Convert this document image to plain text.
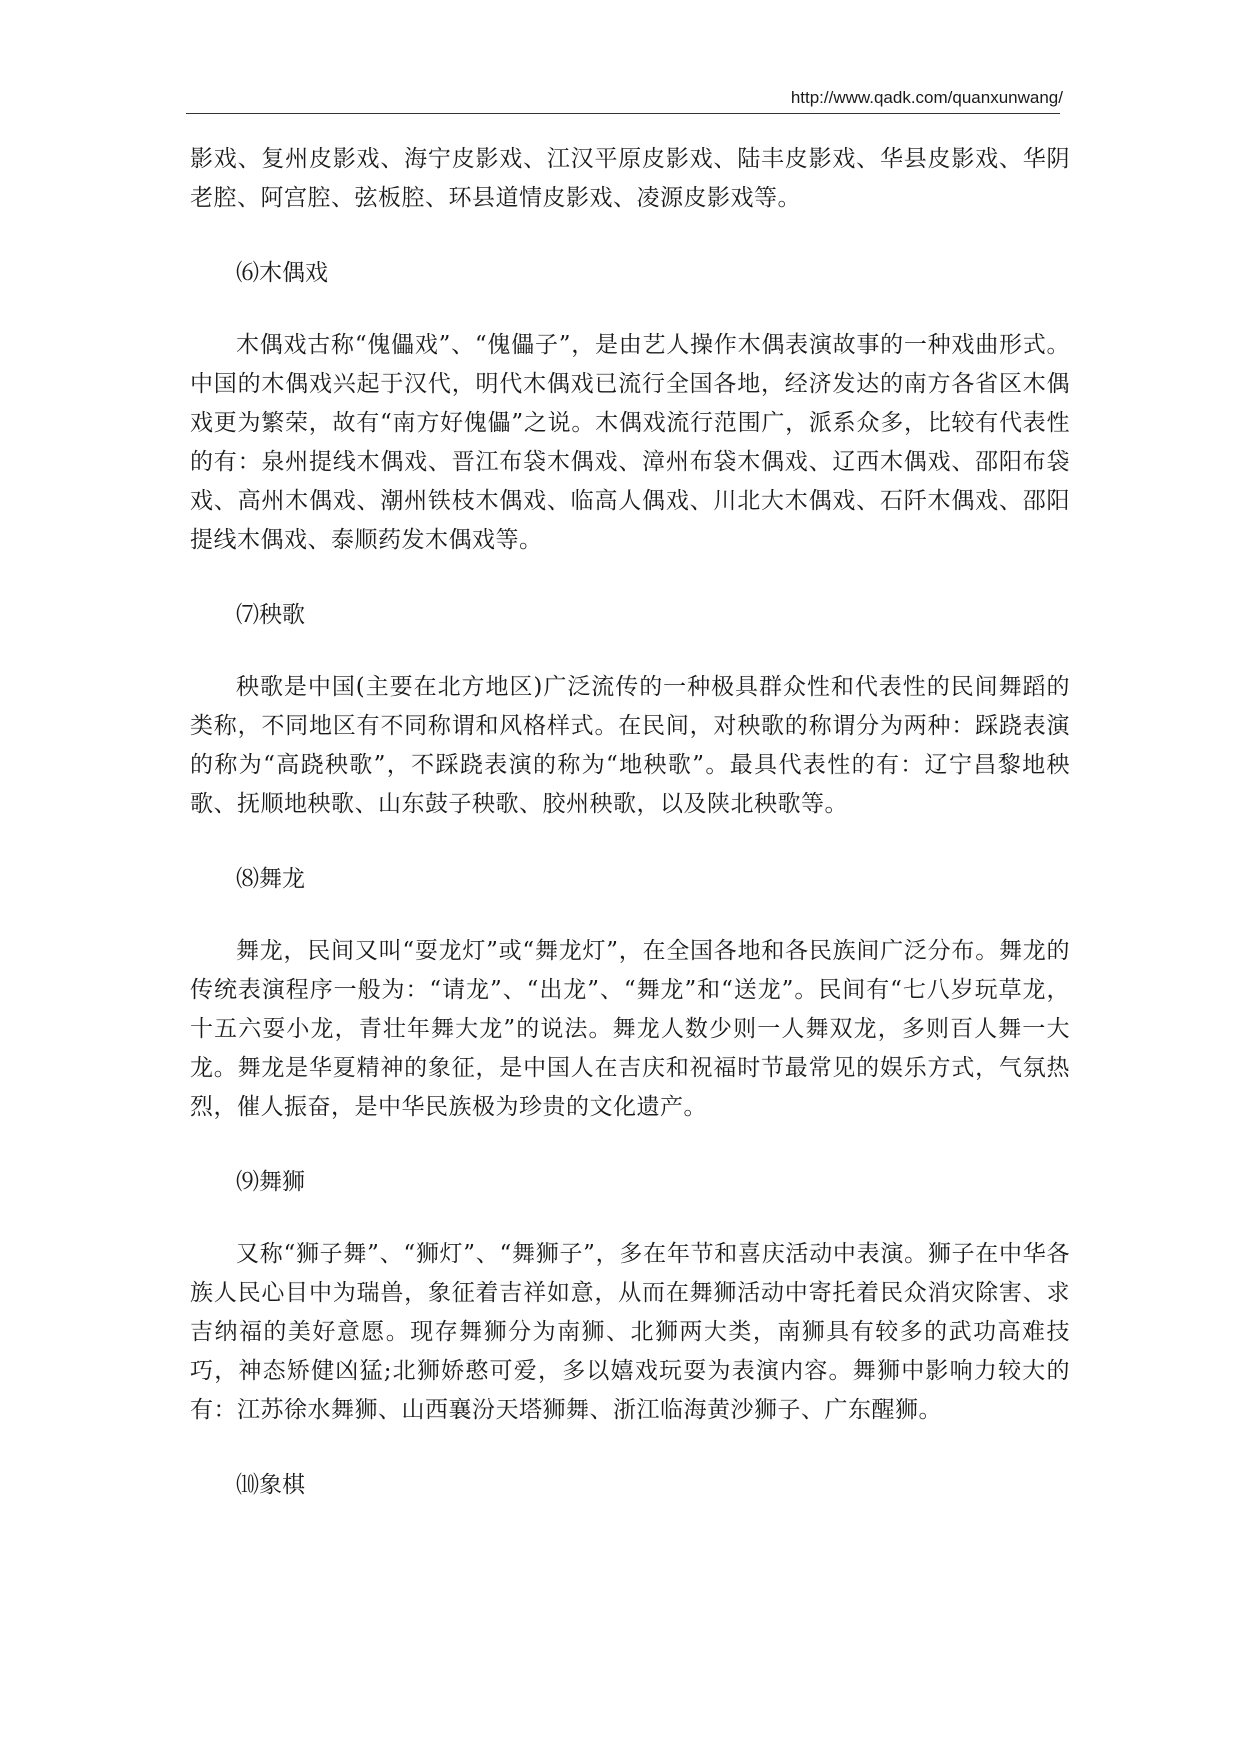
http://www.qadk.com/quanxunwang/

影戏、复州皮影戏、海宁皮影戏、江汉平原皮影戏、陆丰皮影戏、华县皮影戏、华阴老腔、阿宫腔、弦板腔、环县道情皮影戏、凌源皮影戏等。

⑹木偶戏

木偶戏古称“傀儡戏”、“傀儡子”，是由艺人操作木偶表演故事的一种戏曲形式。中国的木偶戏兴起于汉代，明代木偶戏已流行全国各地，经济发达的南方各省区木偶戏更为繁荣，故有“南方好傀儡”之说。木偶戏流行范围广，派系众多，比较有代表性的有：泉州提线木偶戏、晋江布袋木偶戏、漳州布袋木偶戏、辽西木偶戏、邵阳布袋戏、高州木偶戏、潮州铁枝木偶戏、临高人偶戏、川北大木偶戏、石阡木偶戏、邵阳提线木偶戏、泰顺药发木偶戏等。

⑺秧歌

秧歌是中国(主要在北方地区)广泛流传的一种极具群众性和代表性的民间舞蹈的类称，不同地区有不同称谓和风格样式。在民间，对秧歌的称谓分为两种：踩跷表演的称为“高跷秧歌”，不踩跷表演的称为“地秧歌”。最具代表性的有：辽宁昌黎地秧歌、抚顺地秧歌、山东鼓子秧歌、胶州秧歌，以及陕北秧歌等。

⑻舞龙

舞龙，民间又叫“耍龙灯”或“舞龙灯”，在全国各地和各民族间广泛分布。舞龙的传统表演程序一般为：“请龙”、“出龙”、“舞龙”和“送龙”。民间有“七八岁玩草龙，十五六耍小龙，青壮年舞大龙”的说法。舞龙人数少则一人舞双龙，多则百人舞一大龙。舞龙是华夏精神的象征，是中国人在吉庆和祝福时节最常见的娱乐方式，气氛热烈，催人振奋，是中华民族极为珍贵的文化遗产。

⑼舞狮

又称“狮子舞”、“狮灯”、“舞狮子”，多在年节和喜庆活动中表演。狮子在中华各族人民心目中为瑞兽，象征着吉祥如意，从而在舞狮活动中寄托着民众消灾除害、求吉纳福的美好意愿。现存舞狮分为南狮、北狮两大类，南狮具有较多的武功高难技巧，神态矫健凶猛;北狮娇憨可爱，多以嬉戏玩耍为表演内容。舞狮中影响力较大的有：江苏徐水舞狮、山西襄汾天塔狮舞、浙江临海黄沙狮子、广东醒狮。

⑽象棋
